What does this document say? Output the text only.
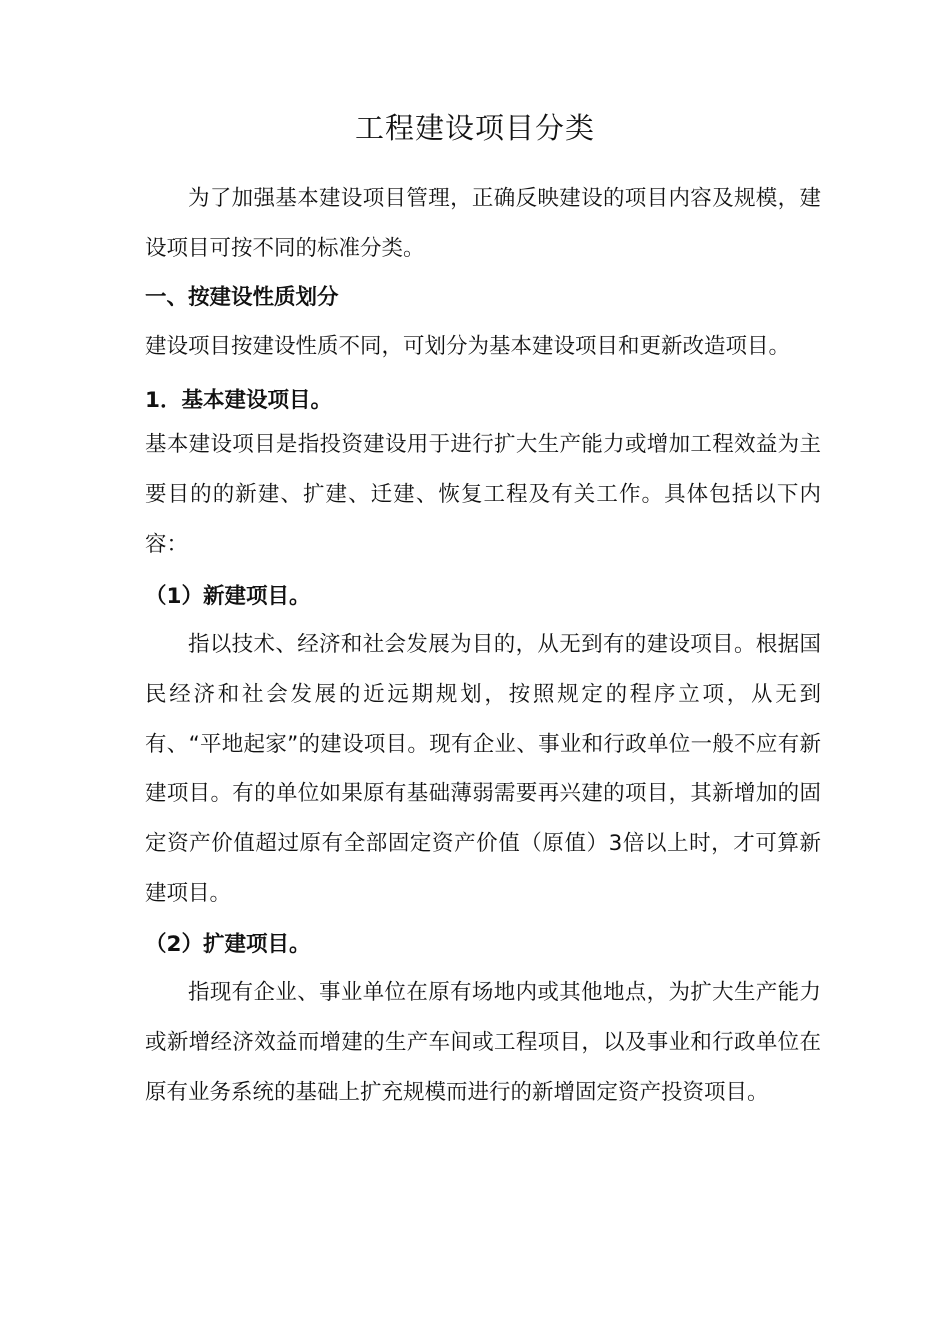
工程建设项目分类

为了加强基本建设项目管理，正确反映建设的项目内容及规模，建设项目可按不同的标准分类。

一、按建设性质划分

建设项目按建设性质不同，可划分为基本建设项目和更新改造项目。

1．基本建设项目。

基本建设项目是指投资建设用于进行扩大生产能力或增加工程效益为主要目的的新建、扩建、迁建、恢复工程及有关工作。具体包括以下内容：

（1）新建项目。

指以技术、经济和社会发展为目的，从无到有的建设项目。根据国民经济和社会发展的近远期规划，按照规定的程序立项，从无到有、“平地起家”的建设项目。现有企业、事业和行政单位一般不应有新建项目。有的单位如果原有基础薄弱需要再兴建的项目，其新增加的固定资产价值超过原有全部固定资产价值（原值）3倍以上时，才可算新建项目。

（2）扩建项目。

指现有企业、事业单位在原有场地内或其他地点，为扩大生产能力或新增经济效益而增建的生产车间或工程项目，以及事业和行政单位在原有业务系统的基础上扩充规模而进行的新增固定资产投资项目。
